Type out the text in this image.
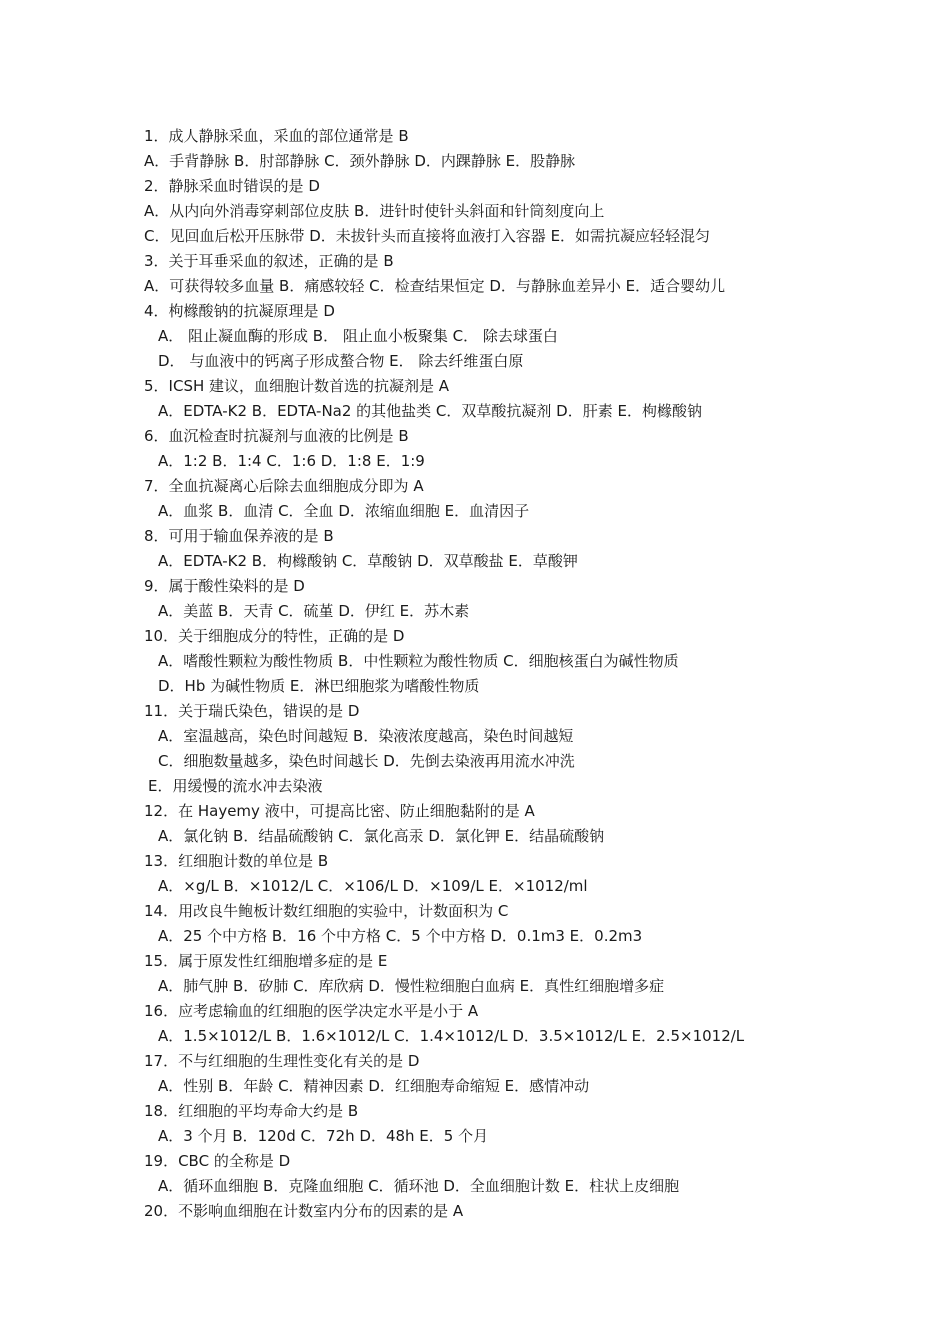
1．成人静脉采血，采血的部位通常是 B
A．手背静脉 B．肘部静脉 C．颈外静脉 D．内踝静脉 E．股静脉
2．静脉采血时错误的是 D
A．从内向外消毒穿刺部位皮肤 B．进针时使针头斜面和针筒刻度向上
C．见回血后松开压脉带 D．未拔针头而直接将血液打入容器 E．如需抗凝应轻轻混匀
3．关于耳垂采血的叙述，正确的是 B
A．可获得较多血量 B．痛感较轻 C．检查结果恒定 D．与静脉血差异小 E．适合婴幼儿
4．枸橼酸钠的抗凝原理是 D
A． 阻止凝血酶的形成 B． 阻止血小板聚集 C． 除去球蛋白
D． 与血液中的钙离子形成螯合物 E． 除去纤维蛋白原
5．ICSH 建议，血细胞计数首选的抗凝剂是 A
A．EDTA-K2 B．EDTA-Na2 的其他盐类 C．双草酸抗凝剂 D．肝素 E．枸橼酸钠
6．血沉检查时抗凝剂与血液的比例是 B
A．1:2 B．1:4 C．1:6 D．1:8 E．1:9
7．全血抗凝离心后除去血细胞成分即为 A
A．血浆 B．血清 C．全血 D．浓缩血细胞 E．血清因子
8．可用于输血保养液的是 B
A．EDTA-K2 B．枸橼酸钠 C．草酸钠 D．双草酸盐 E．草酸钾
9．属于酸性染料的是 D
A．美蓝 B．天青 C．硫堇 D．伊红 E．苏木素
10．关于细胞成分的特性，正确的是 D
A．嗜酸性颗粒为酸性物质 B．中性颗粒为酸性物质 C．细胞核蛋白为碱性物质
D．Hb 为碱性物质 E．淋巴细胞浆为嗜酸性物质
11．关于瑞氏染色，错误的是 D
A．室温越高，染色时间越短 B．染液浓度越高，染色时间越短
C．细胞数量越多，染色时间越长 D．先倒去染液再用流水冲洗
E．用缓慢的流水冲去染液
12．在 Hayemy 液中，可提高比密、防止细胞黏附的是 A
A．氯化钠 B．结晶硫酸钠 C．氯化高汞 D．氯化钾 E．结晶硫酸钠
13．红细胞计数的单位是 B
A．×g/L B．×1012/L C．×106/L D．×109/L E．×1012/ml
14．用改良牛鲍板计数红细胞的实验中，计数面积为 C
A．25 个中方格 B．16 个中方格 C．5 个中方格 D．0.1m3 E．0.2m3
15．属于原发性红细胞增多症的是 E
A．肺气肿 B．矽肺 C．库欣病 D．慢性粒细胞白血病 E．真性红细胞增多症
16．应考虑输血的红细胞的医学决定水平是小于 A
A．1.5×1012/L B．1.6×1012/L C．1.4×1012/L D．3.5×1012/L E．2.5×1012/L
17．不与红细胞的生理性变化有关的是 D
A．性别 B．年龄 C．精神因素 D．红细胞寿命缩短 E．感情冲动
18．红细胞的平均寿命大约是 B
A．3 个月 B．120d C．72h D．48h E．5 个月
19．CBC 的全称是 D
A．循环血细胞 B．克隆血细胞 C．循环池 D．全血细胞计数 E．柱状上皮细胞
20．不影响血细胞在计数室内分布的因素的是 A
